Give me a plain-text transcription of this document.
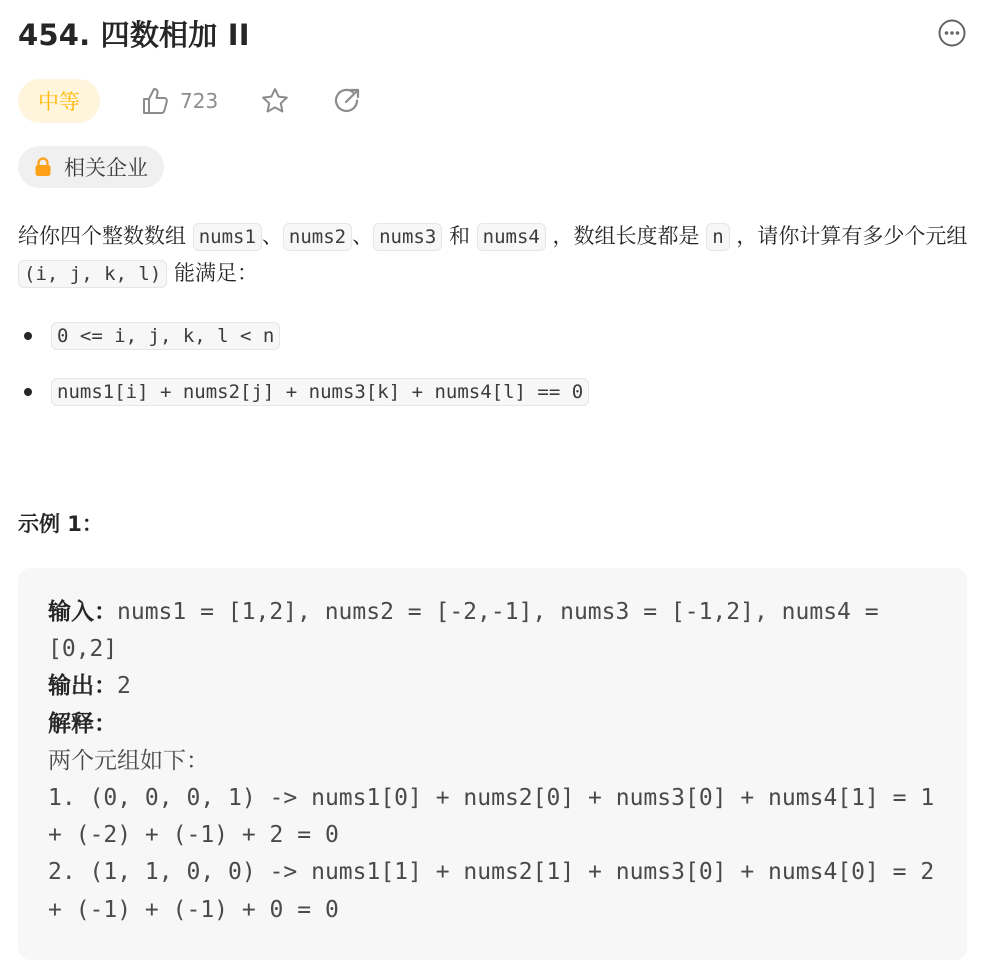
454. 四数相加 II
中等	723
相关企业
给你四个整数数组 nums1 、 nums2 、 nums3 和 nums4 ，数组长度都是 n ，请你计算有多少个元组 (i, j, k, l) 能满足：
0 <= i, j, k, l < n
nums1[i] + nums2[j] + nums3[k] + nums4[l] == 0
示例 1：
输入：nums1 = [1,2], nums2 = [-2,-1], nums3 = [-1,2], nums4 = [0,2]
输出：2
解释：
两个元组如下：
1. (0, 0, 0, 1) -> nums1[0] + nums2[0] + nums3[0] + nums4[1] = 1 + (-2) + (-1) + 2 = 0
2. (1, 1, 0, 0) -> nums1[1] + nums2[1] + nums3[0] + nums4[0] = 2 + (-1) + (-1) + 0 = 0
